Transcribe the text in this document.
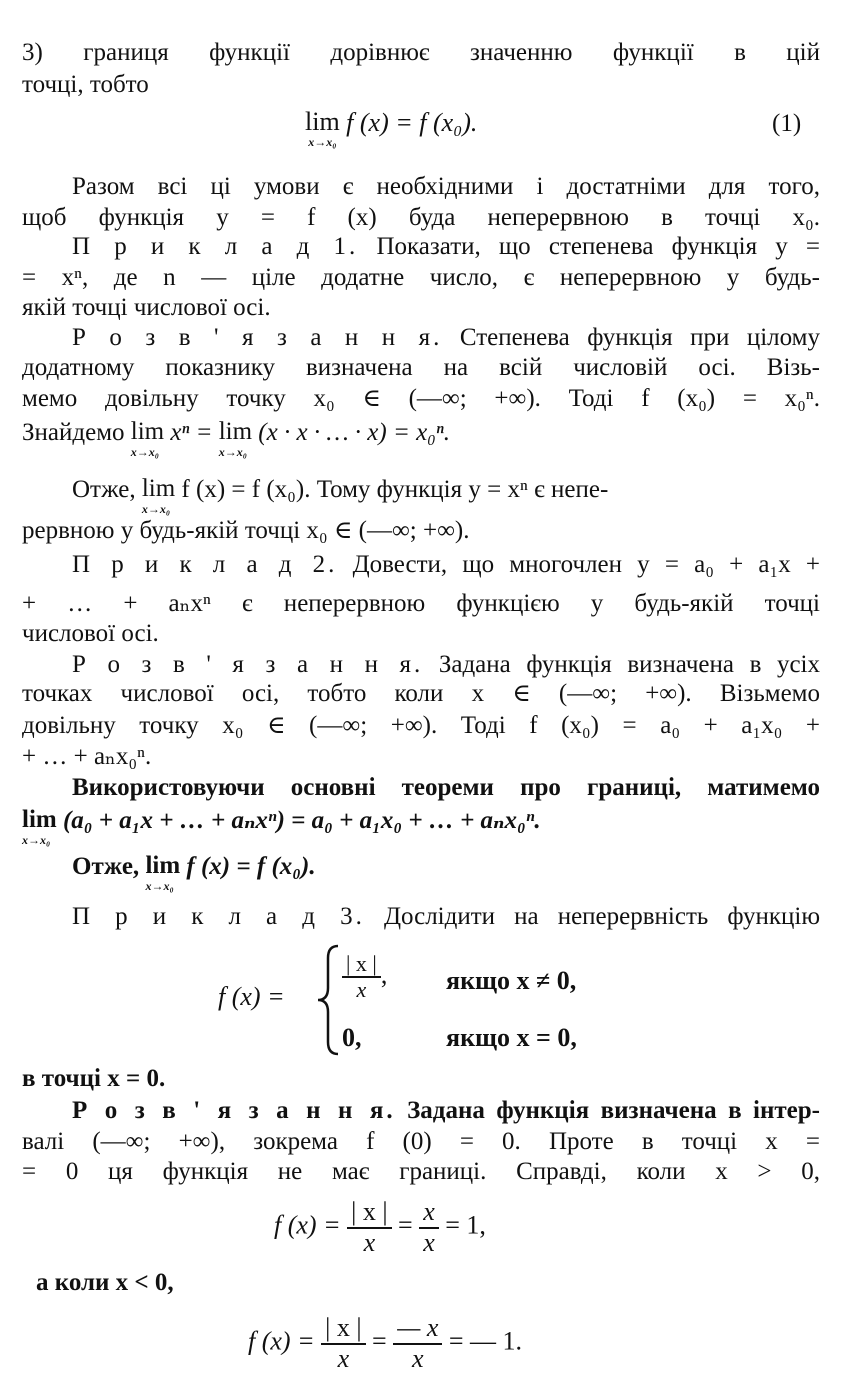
3) границя функції дорівнює значенню функції в цій
точці, тобто
lim
x→x₀
f (x) = f (x₀).	(1)
Разом всі ці умови є необхідними і достатніми для того,
щоб функція y = f (x) буда неперервною в точці x₀.
П р и к л а д 1. Показати, що степенева функція y =
= xⁿ, де n — ціле додатне число, є неперервною у будь-
якій точці числової осі.
Р о з в ' я з а н н я. Степенева функція при цілому
додатному показнику визначена на всій числовій осі. Візь-
мемо довільну точку x₀ ∈ (—∞; +∞). Тоді f (x₀) = x₀ⁿ.
Знайдемо lim
x→x₀
xⁿ = lim
x→x₀
(x · x · … · x) = x₀ⁿ.
Отже, lim
x→x₀
f (x) = f (x₀). Тому функція y = xⁿ є непе-
рервною у будь-якій точці x₀ ∈ (—∞; +∞).
П р и к л а д 2. Довести, що многочлен y = a₀ + a₁x +
+ … + aₙxⁿ є неперервною функцією у будь-якій точці
числової осі.
Р о з в ' я з а н н я. Задана функція визначена в усіх
точках числової осі, тобто коли x ∈ (—∞; +∞). Візьмемо
довільну точку x₀ ∈ (—∞; +∞). Тоді f (x₀) = a₀ + a₁x₀ +
+ … + aₙx₀ⁿ.
Використовуючи основні теореми про границі, матимемо
lim
x→x₀
(a₀ + a₁x + … + aₙxⁿ) = a₀ + a₁x₀ + … + aₙx₀ⁿ.
Отже, lim
x→x₀
f (x) = f (x₀).
П р и к л а д 3. Дослідити на неперервність функцію
f (x) =	$\frac{| x |}{x}$ , якщо x ≠ 0,
0,	якщо x = 0,
в точці x = 0.
Р о з в ' я з а н н я. Задана функція визначена в інтер-
валі (—∞; +∞), зокрема f (0) = 0. Проте в точці x =
= 0 ця функція не має границі. Справді, коли x > 0,
f $(x) = \frac{| x |}{x} = \frac{x}{x} = 1$,
а коли x < 0,
f $(x) = \frac{| x |}{x} = \frac{— x}{x}$ = — 1.
